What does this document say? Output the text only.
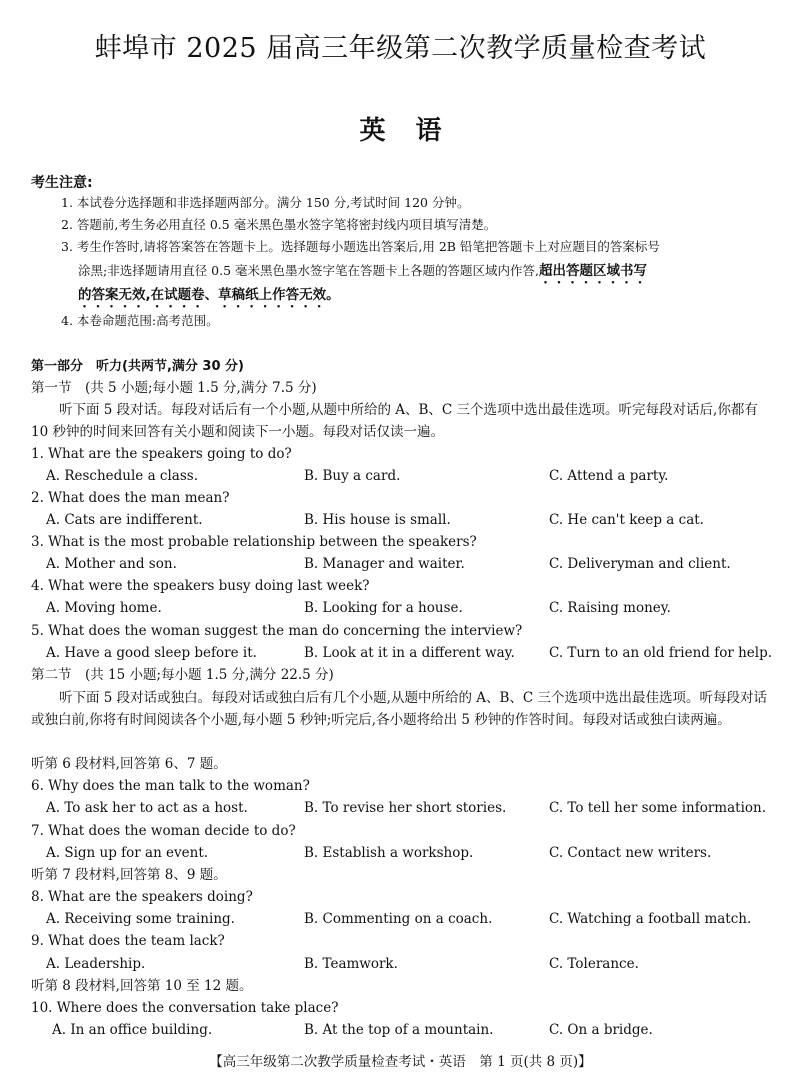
蚌埠市 2025 届高三年级第二次教学质量检查考试
英语
考生注意:
1. 本试卷分选择题和非选择题两部分。满分 150 分,考试时间 120 分钟。
2. 答题前,考生务必用直径 0.5 毫米黑色墨水签字笔将密封线内项目填写清楚。
3. 考生作答时,请将答案答在答题卡上。选择题每小题选出答案后,用 2B 铅笔把答题卡上对应题目的答案标号
涂黑;非选择题请用直径 0.5 毫米黑色墨水签字笔在答题卡上各题的答题区域内作答,超出答题区域书写
的答案无效,在试题卷、草稿纸上作答无效。
4. 本卷命题范围:高考范围。
第一部分　听力(共两节,满分 30 分)
第一节　(共 5 小题;每小题 1.5 分,满分 7.5 分)
听下面 5 段对话。每段对话后有一个小题,从题中所给的 A、B、C 三个选项中选出最佳选项。听完每段对话后,你都有 10 秒钟的时间来回答有关小题和阅读下一小题。每段对话仅读一遍。
1. What are the speakers going to do?
A. Reschedule a class.	B. Buy a card.	C. Attend a party.
2. What does the man mean?
A. Cats are indifferent.	B. His house is small.	C. He can't keep a cat.
3. What is the most probable relationship between the speakers?
A. Mother and son.	B. Manager and waiter.	C. Deliveryman and client.
4. What were the speakers busy doing last week?
A. Moving home.	B. Looking for a house.	C. Raising money.
5. What does the woman suggest the man do concerning the interview?
A. Have a good sleep before it.	B. Look at it in a different way.	C. Turn to an old friend for help.
第二节　(共 15 小题;每小题 1.5 分,满分 22.5 分)
听下面 5 段对话或独白。每段对话或独白后有几个小题,从题中所给的 A、B、C 三个选项中选出最佳选项。听每段对话或独白前,你将有时间阅读各个小题,每小题 5 秒钟;听完后,各小题将给出 5 秒钟的作答时间。每段对话或独白读两遍。
听第 6 段材料,回答第 6、7 题。
6. Why does the man talk to the woman?
A. To ask her to act as a host.	B. To revise her short stories.	C. To tell her some information.
7. What does the woman decide to do?
A. Sign up for an event.	B. Establish a workshop.	C. Contact new writers.
听第 7 段材料,回答第 8、9 题。
8. What are the speakers doing?
A. Receiving some training.	B. Commenting on a coach.	C. Watching a football match.
9. What does the team lack?
A. Leadership.	B. Teamwork.	C. Tolerance.
听第 8 段材料,回答第 10 至 12 题。
10. Where does the conversation take place?
A. In an office building.	B. At the top of a mountain.	C. On a bridge.
【高三年级第二次教学质量检查考试・英语　第 1 页(共 8 页)】
